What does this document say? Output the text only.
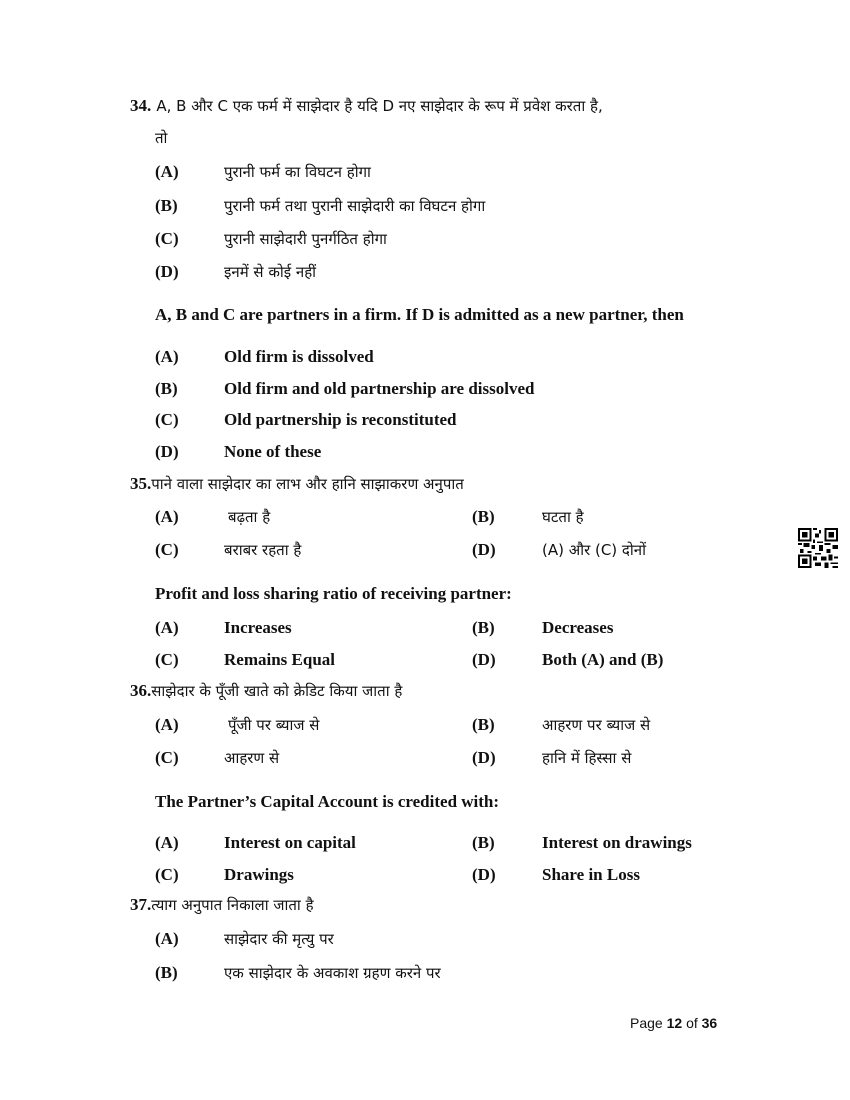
34. A, B और C एक फर्म में साझेदार है यदि D नए साझेदार के रूप में प्रवेश करता है,
तो
(A)	पुरानी फर्म का विघटन होगा
(B)	पुरानी फर्म तथा पुरानी साझेदारी का विघटन होगा
(C)	पुरानी साझेदारी पुनर्गठित होगा
(D)	इनमें से कोई नहीं
A, B and C are partners in a firm. If D is admitted as a new partner, then
(A)	Old firm is dissolved
(B)	Old firm and old partnership are dissolved
(C)	Old partnership is reconstituted
(D)	None of these
35.पाने वाला साझेदार का लाभ और हानि साझाकरण अनुपात
(A)	बढ़ता है	(B)	घटता है
(C)	बराबर रहता है	(D)	(A) और (C) दोनों
Profit and loss sharing ratio of receiving partner:
(A)	Increases	(B)	Decreases
(C)	Remains Equal	(D)	Both (A) and (B)
36.साझेदार के पूँजी खाते को क्रेडिट किया जाता है
(A)	पूँजी पर ब्याज से	(B)	आहरण पर ब्याज से
(C)	आहरण से	(D)	हानि में हिस्सा से
The Partner’s Capital Account is credited with:
(A)	Interest on capital	(B)	Interest on drawings
(C)	Drawings	(D)	Share in Loss
37.त्याग अनुपात निकाला जाता है
(A)	साझेदार की मृत्यु पर
(B)	एक साझेदार के अवकाश ग्रहण करने पर
Page 12 of 36
